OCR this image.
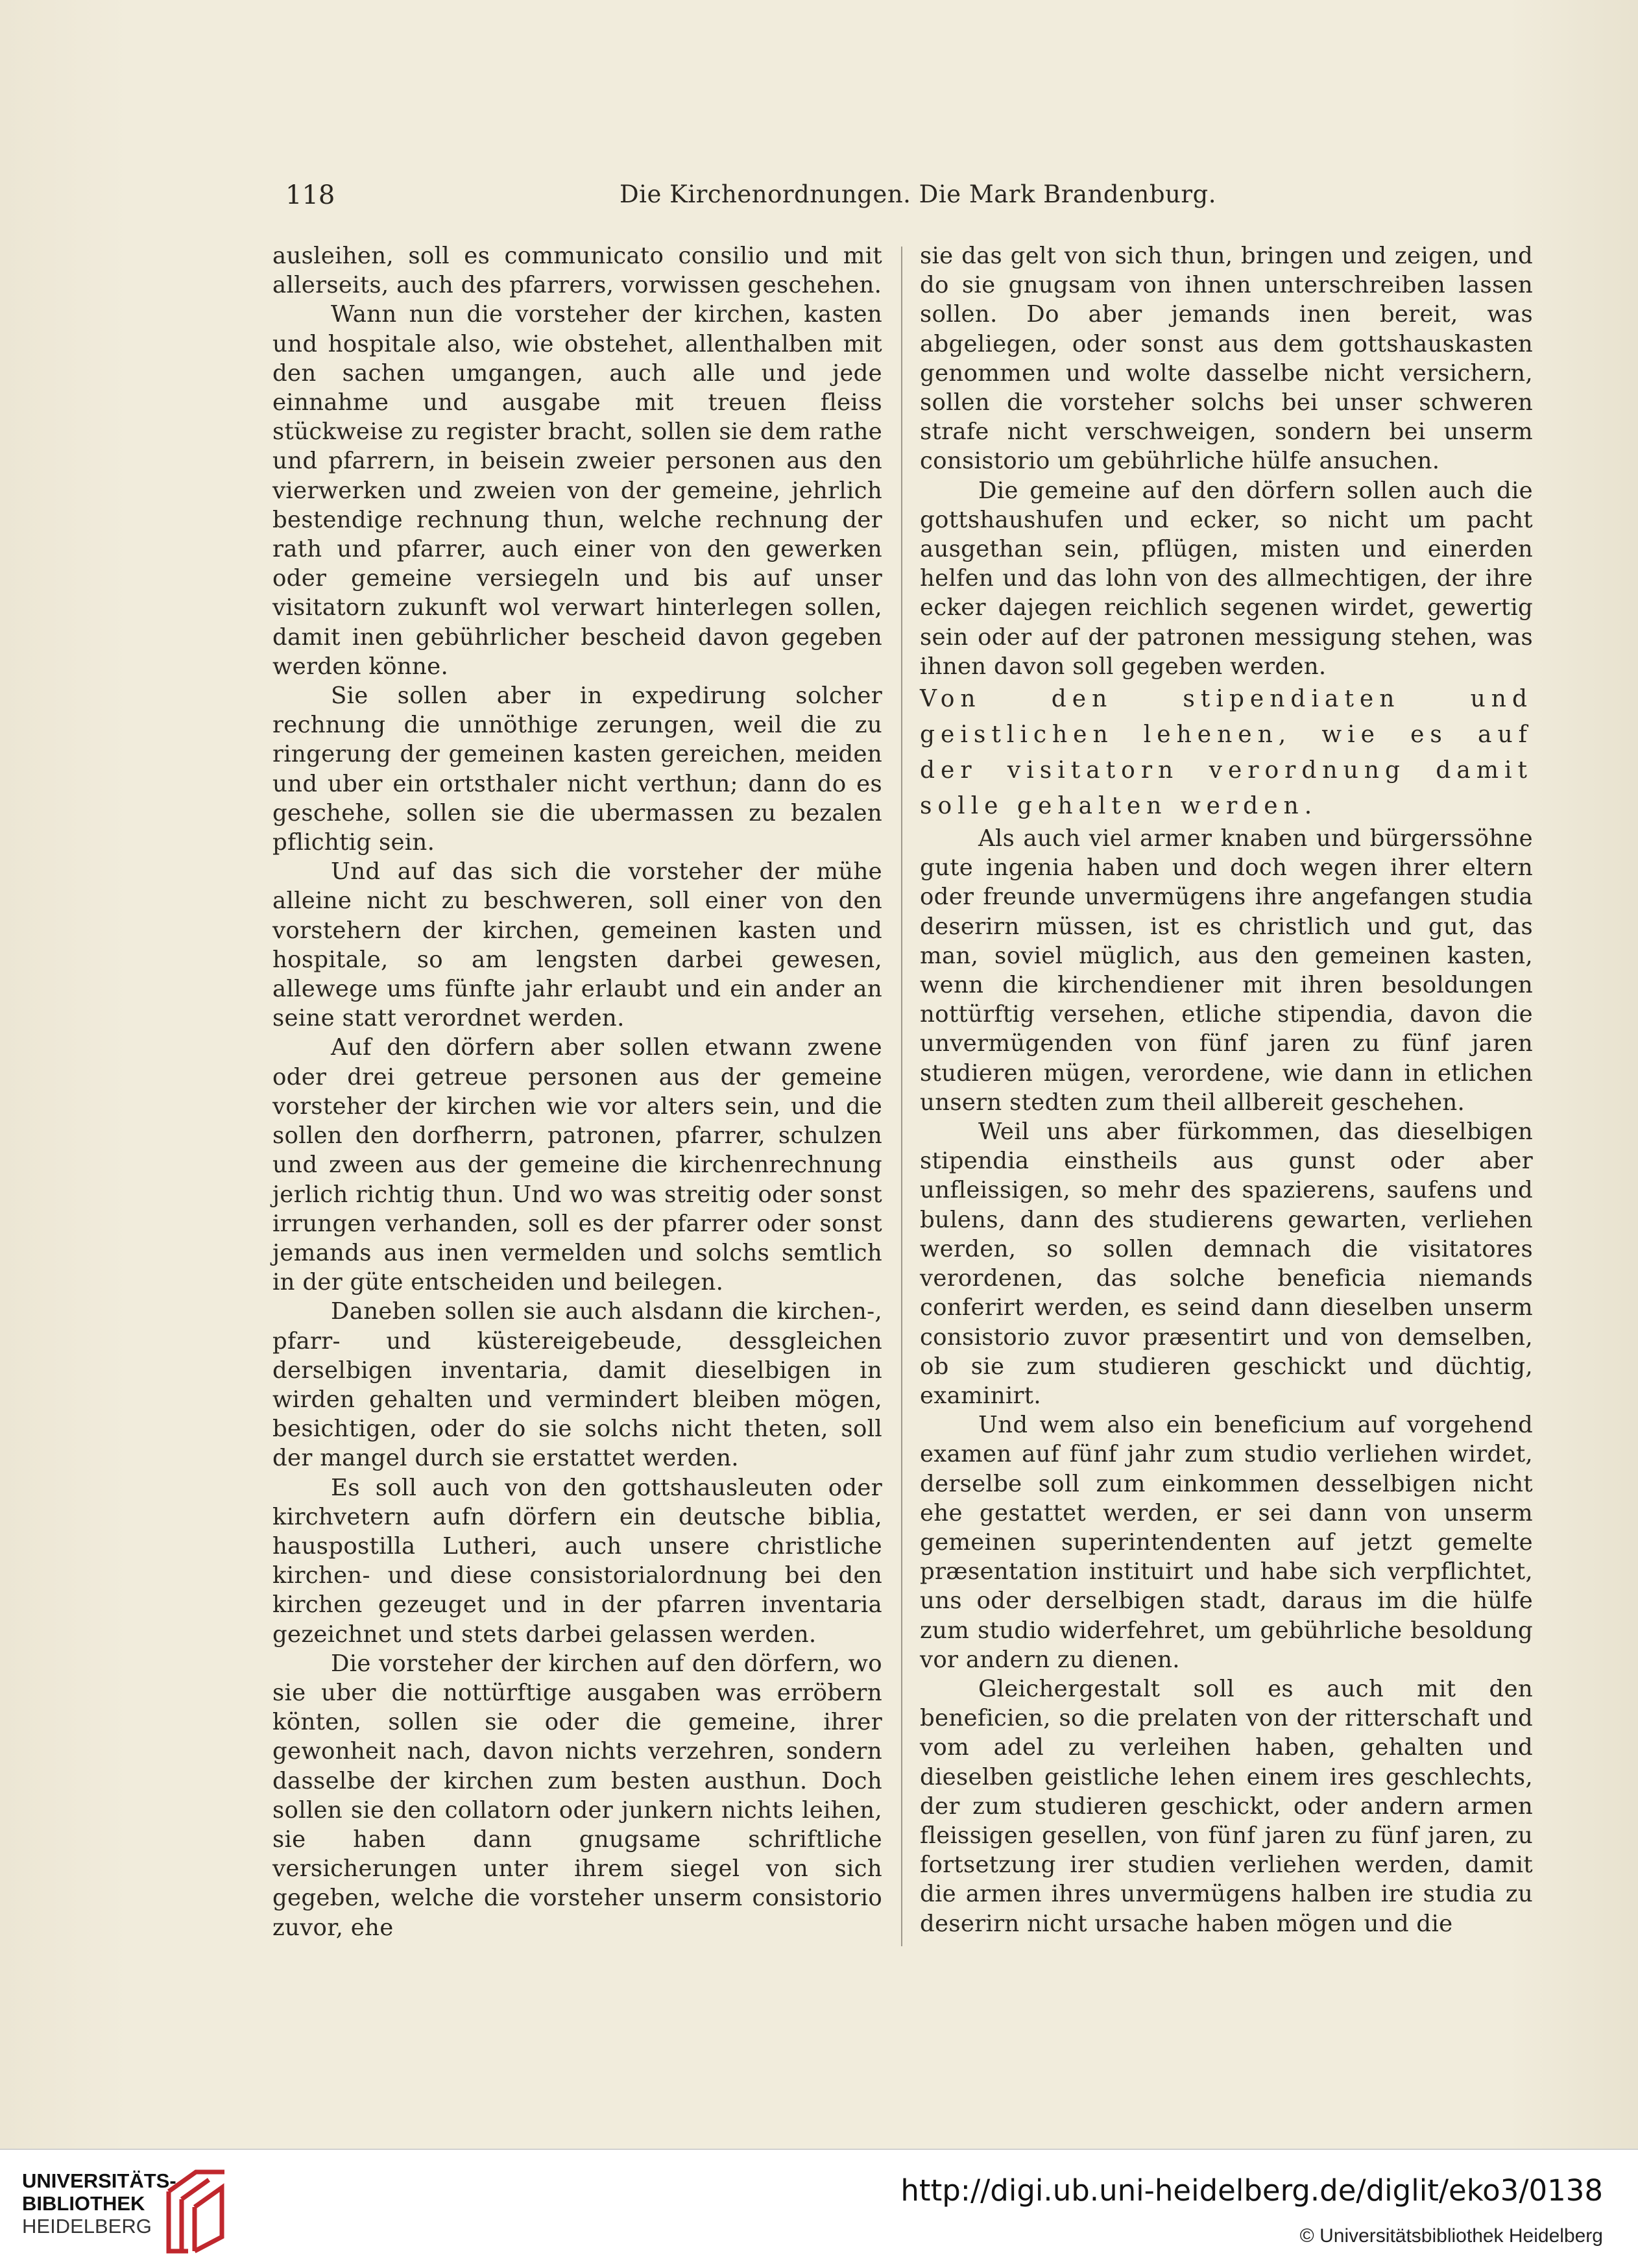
118	Die Kirchenordnungen. Die Mark Brandenburg.

ausleihen, soll es communicato consilio und mit allerseits, auch des pfarrers, vorwissen geschehen.

Wann nun die vorsteher der kirchen, kasten und hospitale also, wie obstehet, allenthalben mit den sachen umgangen, auch alle und jede einnahme und ausgabe mit treuen fleiss stückweise zu register bracht, sollen sie dem rathe und pfarrern, in beisein zweier personen aus den vierwerken und zweien von der gemeine, jehrlich bestendige rechnung thun, welche rechnung der rath und pfarrer, auch einer von den gewerken oder gemeine versiegeln und bis auf unser visitatorn zukunft wol verwart hinterlegen sollen, damit inen gebührlicher bescheid davon gegeben werden könne.

Sie sollen aber in expedirung solcher rechnung die unnöthige zerungen, weil die zu ringerung der gemeinen kasten gereichen, meiden und uber ein ortsthaler nicht verthun; dann do es geschehe, sollen sie die ubermassen zu bezalen pflichtig sein.

Und auf das sich die vorsteher der mühe alleine nicht zu beschweren, soll einer von den vorstehern der kirchen, gemeinen kasten und hospitale, so am lengsten darbei gewesen, allewege ums fünfte jahr erlaubt und ein ander an seine statt verordnet werden.

Auf den dörfern aber sollen etwann zwene oder drei getreue personen aus der gemeine vorsteher der kirchen wie vor alters sein, und die sollen den dorfherrn, patronen, pfarrer, schulzen und zween aus der gemeine die kirchenrechnung jerlich richtig thun. Und wo was streitig oder sonst irrungen verhanden, soll es der pfarrer oder sonst jemands aus inen vermelden und solchs semtlich in der güte entscheiden und beilegen.

Daneben sollen sie auch alsdann die kirchen-, pfarr- und küstereigebeude, dessgleichen derselbigen inventaria, damit dieselbigen in wirden gehalten und vermindert bleiben mögen, besichtigen, oder do sie solchs nicht theten, soll der mangel durch sie erstattet werden.

Es soll auch von den gottshausleuten oder kirchvetern aufn dörfern ein deutsche biblia, hauspostilla Lutheri, auch unsere christliche kirchen- und diese consistorialordnung bei den kirchen gezeuget und in der pfarren inventaria gezeichnet und stets darbei gelassen werden.

Die vorsteher der kirchen auf den dörfern, wo sie uber die nottürftige ausgaben was erröbern könten, sollen sie oder die gemeine, ihrer gewonheit nach, davon nichts verzehren, sondern dasselbe der kirchen zum besten austhun. Doch sollen sie den collatorn oder junkern nichts leihen, sie haben dann gnugsame schriftliche versicherungen unter ihrem siegel von sich gegeben, welche die vorsteher unserm consistorio zuvor, ehe

sie das gelt von sich thun, bringen und zeigen, und do sie gnugsam von ihnen unterschreiben lassen sollen. Do aber jemands inen bereit, was abgeliegen, oder sonst aus dem gottshauskasten genommen und wolte dasselbe nicht versichern, sollen die vorsteher solchs bei unser schweren strafe nicht verschweigen, sondern bei unserm consistorio um gebührliche hülfe ansuchen.

Die gemeine auf den dörfern sollen auch die gottshaushufen und ecker, so nicht um pacht ausgethan sein, pflügen, misten und einerden helfen und das lohn von des allmechtigen, der ihre ecker dajegen reichlich segenen wirdet, gewertig sein oder auf der patronen messigung stehen, was ihnen davon soll gegeben werden.

Von den stipendiaten und geistlichen lehenen, wie es auf der visitatorn verordnung damit solle gehalten werden.

Als auch viel armer knaben und bürgerssöhne gute ingenia haben und doch wegen ihrer eltern oder freunde unvermügens ihre angefangen studia deserirn müssen, ist es christlich und gut, das man, soviel müglich, aus den gemeinen kasten, wenn die kirchendiener mit ihren besoldungen nottürftig versehen, etliche stipendia, davon die unvermügenden von fünf jaren zu fünf jaren studieren mügen, verordene, wie dann in etlichen unsern stedten zum theil allbereit geschehen.

Weil uns aber fürkommen, das dieselbigen stipendia einstheils aus gunst oder aber unfleissigen, so mehr des spazierens, saufens und bulens, dann des studierens gewarten, verliehen werden, so sollen demnach die visitatores verordenen, das solche beneficia niemands conferirt werden, es seind dann dieselben unserm consistorio zuvor præsentirt und von demselben, ob sie zum studieren geschickt und düchtig, examinirt.

Und wem also ein beneficium auf vorgehend examen auf fünf jahr zum studio verliehen wirdet, derselbe soll zum einkommen desselbigen nicht ehe gestattet werden, er sei dann von unserm gemeinen superintendenten auf jetzt gemelte præsentation instituirt und habe sich verpflichtet, uns oder derselbigen stadt, daraus im die hülfe zum studio widerfehret, um gebührliche besoldung vor andern zu dienen.

Gleichergestalt soll es auch mit den beneficien, so die prelaten von der ritterschaft und vom adel zu verleihen haben, gehalten und dieselben geistliche lehen einem ires geschlechts, der zum studieren geschickt, oder andern armen fleissigen gesellen, von fünf jaren zu fünf jaren, zu fortsetzung irer studien verliehen werden, damit die armen ihres unvermügens halben ire studia zu deserirn nicht ursache haben mögen und die

UNIVERSITÄTS-
BIBLIOTHEK
HEIDELBERG
http://digi.ub.uni-heidelberg.de/diglit/eko3/0138
© Universitätsbibliothek Heidelberg
